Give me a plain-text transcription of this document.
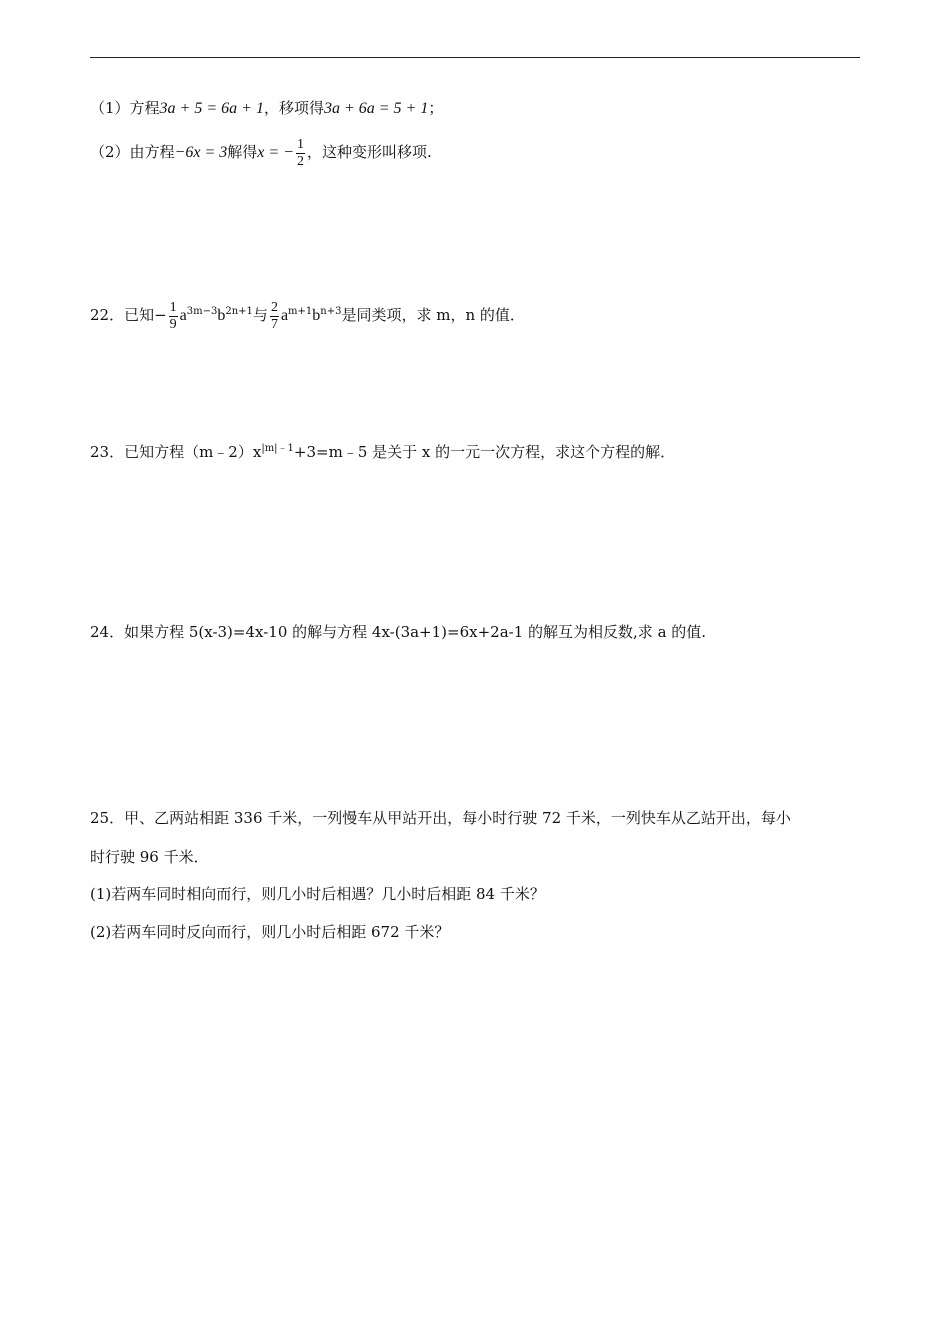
（1）方程3a + 5 = 6a + 1，移项得3a + 6a = 5 + 1；
（2）由方程−6x = 3解得x = − $\frac{1}{2}$ ，这种变形叫移项.
22．已知− $\frac{1}{9} a^{3m-3}b^{2n+1}$与 $\frac{2}{7} a^{m+1}b^{n+3}$是同类项，求 m，n 的值．
23．已知方程$(m﹣2)x^{|m|﹣1}+3=m﹣5$ 是关于 x 的一元一次方程，求这个方程的解．
24．如果方程 5(x-3)=4x-10 的解与方程 4x-(3a+1)=6x+2a-1 的解互为相反数,求 a 的值.
25．甲、乙两站相距 336 千米，一列慢车从甲站开出，每小时行驶 72 千米，一列快车从乙站开出，每小
时行驶 96 千米．
(1)若两车同时相向而行，则几小时后相遇？几小时后相距 84 千米？
(2)若两车同时反向而行，则几小时后相距 672 千米？
